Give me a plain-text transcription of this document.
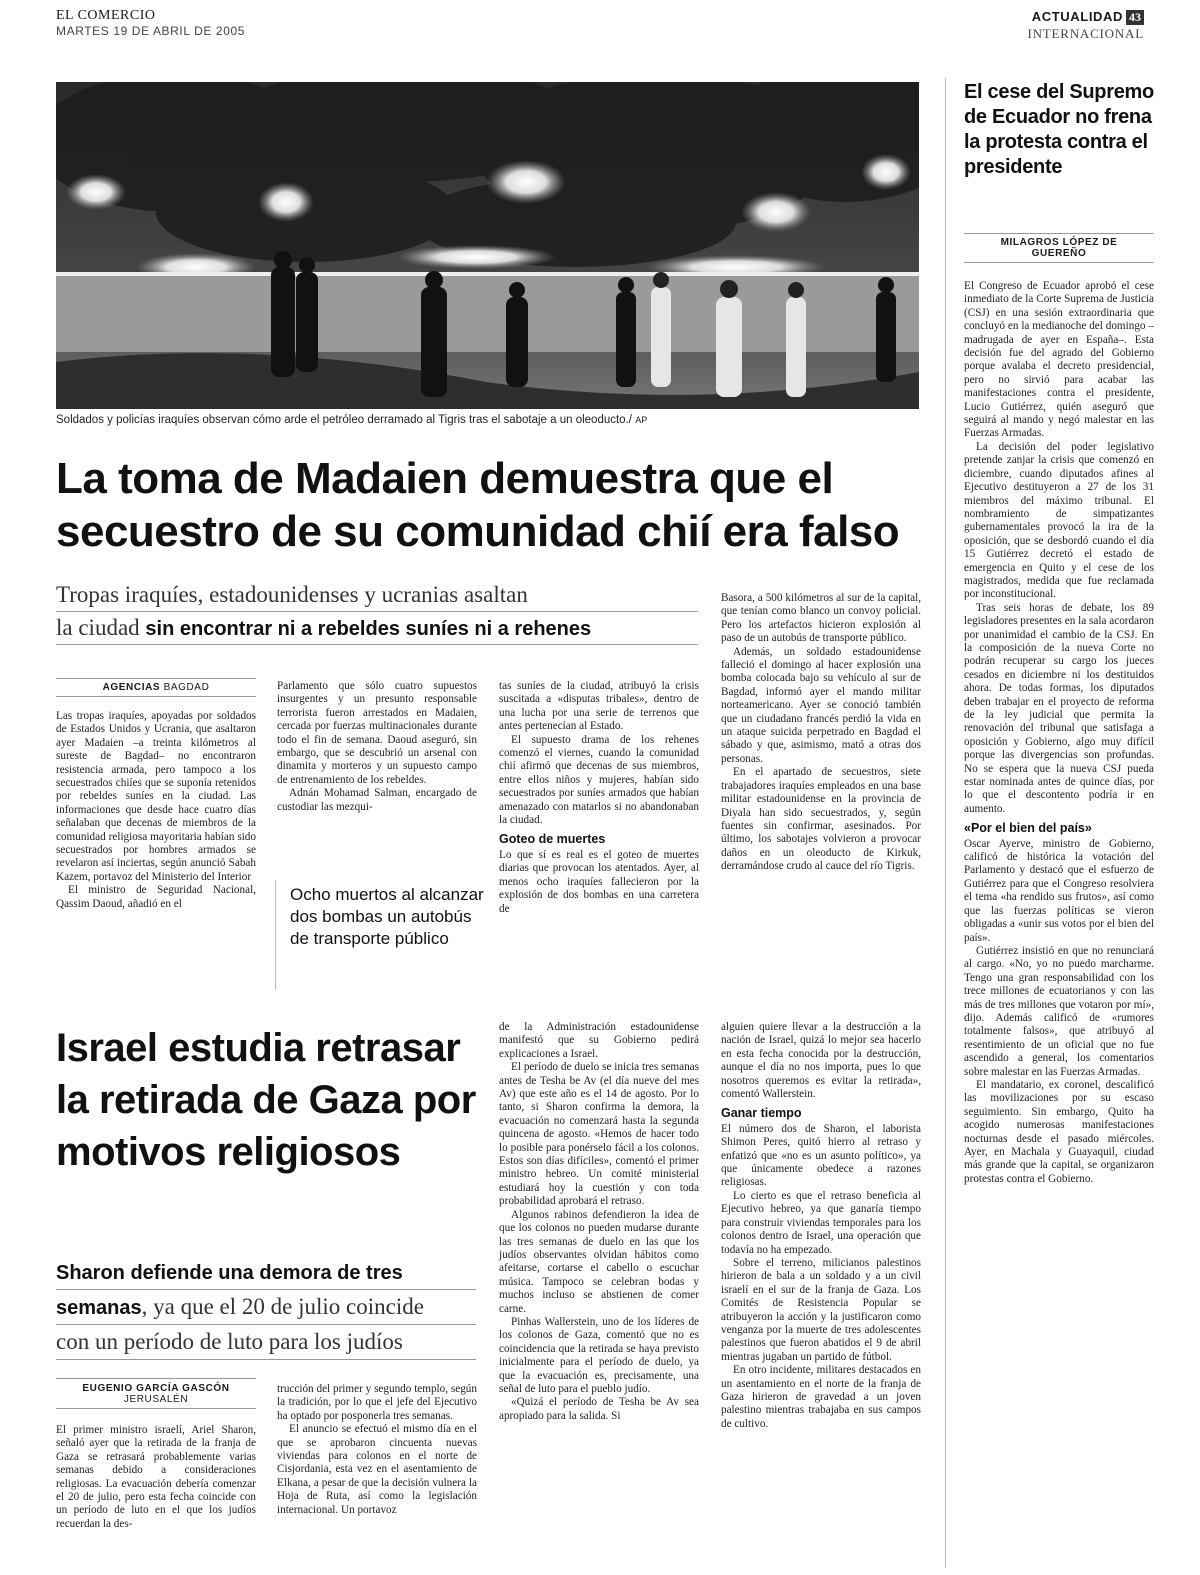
EL COMERCIO
MARTES 19 DE ABRIL DE 2005
ACTUALIDAD 43
INTERNACIONAL
Soldados y policías iraquíes observan cómo arde el petróleo derramado al Tigris tras el sabotaje a un oleoducto./ AP
La toma de Madaien demuestra que el secuestro de su comunidad chií era falso
Tropas iraquíes, estadounidenses y ucranias asaltan
la ciudad sin encontrar ni a rebeldes suníes ni a rehenes
AGENCIAS BAGDAD

Las tropas iraquíes, apoyadas por soldados de Estados Unidos y Ucrania, que asaltaron ayer Madaien –a treinta kilómetros al sureste de Bagdad– no encontraron resistencia armada, pero tampoco a los secuestrados chiíes que se suponía retenidos por rebeldes suníes en la ciudad. Las informaciones que desde hace cuatro días señalaban que decenas de miembros de la comunidad religiosa mayoritaria habían sido secuestrados por hombres armados se revelaron así inciertas, según anunció Sabah Kazem, portavoz del Ministerio del Interior

El ministro de Seguridad Nacional, Qassim Daoud, añadió en el

Parlamento que sólo cuatro supuestos insurgentes y un presunto responsable terrorista fueron arrestados en Madaien, cercada por fuerzas multinacionales durante todo el fin de semana. Daoud aseguró, sin embargo, que se descubrió un arsenal con dinamita y morteros y un supuesto campo de entrenamiento de los rebeldes.

Adnán Mohamad Salman, encargado de custodiar las mezqui-

Ocho muertos al alcanzar dos bombas un autobús de transporte público

tas suníes de la ciudad, atribuyó la crisis suscitada a «disputas tribales», dentro de una lucha por una serie de terrenos que antes pertenecían al Estado.

El supuesto drama de los rehenes comenzó el viernes, cuando la comunidad chií afirmó que decenas de sus miembros, entre ellos niños y mujeres, habían sido secuestrados por suníes armados que habían amenazado con matarlos si no abandonaban la ciudad.

Goteo de muertes

Lo que sí es real es el goteo de muertes diarias que provocan los atentados. Ayer, al menos ocho iraquíes fallecieron por la explosión de dos bombas en una carretera de

Basora, a 500 kilómetros al sur de la capital, que tenían como blanco un convoy policial. Pero los artefactos hicieron explosión al paso de un autobús de transporte público.

Además, un soldado estadounidense falleció el domingo al hacer explosión una bomba colocada bajo su vehículo al sur de Bagdad, informó ayer el mando militar norteamericano. Ayer se conoció también que un ciudadano francés perdió la vida en un ataque suicida perpetrado en Bagdad el sábado y que, asimismo, mató a otras dos personas.

En el apartado de secuestros, siete trabajadores iraquíes empleados en una base militar estadounidense en la provincia de Diyala han sido secuestrados, y, según fuentes sin confirmar, asesinados. Por último, los sabotajes volvieron a provocar daños en un oleoducto de Kirkuk, derramándose crudo al cauce del río Tigris.

Israel estudia retrasar la retirada de Gaza por motivos religiosos
Sharon defiende una demora de tres
semanas, ya que el 20 de julio coincide
con un período de luto para los judíos
EUGENIO GARCÍA GASCÓN
JERUSALÉN

El primer ministro israelí, Ariel Sharon, señaló ayer que la retirada de la franja de Gaza se retrasará probablemente varias semanas debido a consideraciones religiosas. La evacuación debería comenzar el 20 de julio, pero esta fecha coincide con un período de luto en el que los judíos recuerdan la des-

trucción del primer y segundo templo, según la tradición, por lo que el jefe del Ejecutivo ha optado por posponerla tres semanas.

El anuncio se efectuó el mismo día en el que se aprobaron cincuenta nuevas viviendas para colonos en el norte de Cisjordania, esta vez en el asentamiento de Elkana, a pesar de que la decisión vulnera la Hoja de Ruta, así como la legislación internacional. Un portavoz

de la Administración estadounidense manifestó que su Gobierno pedirá explicaciones a Israel.

El período de duelo se inicia tres semanas antes de Tesha be Av (el día nueve del mes Av) que este año es el 14 de agosto. Por lo tanto, si Sharon confirma la demora, la evacuación no comenzará hasta la segunda quincena de agosto. «Hemos de hacer todo lo posible para ponérselo fácil a los colonos. Estos son días difíciles», comentó el primer ministro hebreo. Un comité ministerial estudiará hoy la cuestión y con toda probabilidad aprobará el retraso.

Algunos rabinos defendieron la idea de que los colonos no pueden mudarse durante las tres semanas de duelo en las que los judíos observantes olvidan hábitos como afeitarse, cortarse el cabello o escuchar música. Tampoco se celebran bodas y muchos incluso se abstienen de comer carne.

Pinhas Wallerstein, uno de los líderes de los colonos de Gaza, comentó que no es coincidencia que la retirada se haya previsto inicialmente para el período de duelo, ya que la evacuación es, precisamente, una señal de luto para el pueblo judío.

«Quizá el período de Tesha be Av sea apropiado para la salida. Si

alguien quiere llevar a la destrucción a la nación de Israel, quizá lo mejor sea hacerlo en esta fecha conocida por la destrucción, aunque el día no nos importa, pues lo que nosotros queremos es evitar la retirada», comentó Wallerstein.

Ganar tiempo

El número dos de Sharon, el laborista Shimon Peres, quitó hierro al retraso y enfatizó que «no es un asunto político», ya que únicamente obedece a razones religiosas.

Lo cierto es que el retraso beneficia al Ejecutivo hebreo, ya que ganaría tiempo para construir viviendas temporales para los colonos dentro de Israel, una operación que todavía no ha empezado.

Sobre el terreno, milicianos palestinos hirieron de bala a un soldado y a un civil israelí en el sur de la franja de Gaza. Los Comités de Resistencia Popular se atribuyeron la acción y la justificaron como venganza por la muerte de tres adolescentes palestinos que fueron abatidos el 9 de abril mientras jugaban un partido de fútbol.

En otro incidente, militares destacados en un asentamiento en el norte de la franja de Gaza hirieron de gravedad a un joven palestino mientras trabajaba en sus campos de cultivo.

El cese del Supremo de Ecuador no frena la protesta contra el presidente
MILAGROS LÓPEZ DE GUEREÑO

El Congreso de Ecuador aprobó el cese inmediato de la Corte Suprema de Justicia (CSJ) en una sesión extraordinaria que concluyó en la medianoche del domingo –madrugada de ayer en España–. Esta decisión fue del agrado del Gobierno porque avalaba el decreto presidencial, pero no sirvió para acabar las manifestaciones contra el presidente, Lucio Gutiérrez, quién aseguró que seguirá al mando y negó malestar en las Fuerzas Armadas.

La decisión del poder legislativo pretende zanjar la crisis que comenzó en diciembre, cuando diputados afines al Ejecutivo destituyeron a 27 de los 31 miembros del máximo tribunal. El nombramiento de simpatizantes gubernamentales provocó la ira de la oposición, que se desbordó cuando el día 15 Gutiérrez decretó el estado de emergencia en Quito y el cese de los magistrados, medida que fue reclamada por inconstitucional.

Tras seis horas de debate, los 89 legisladores presentes en la sala acordaron por unanimidad el cambio de la CSJ. En la composición de la nueva Corte no podrán recuperar su cargo los jueces cesados en diciembre ni los destituidos ahora. De todas formas, los diputados deben trabajar en el proyecto de reforma de la ley judicial que permita la renovación del tribunal que satisfaga a oposición y Gobierno, algo muy difícil porque las divergencias son profundas. No se espera que la nueva CSJ pueda estar nominada antes de quince días, por lo que el descontento podría ir en aumento.

«Por el bien del país»

Oscar Ayerve, ministro de Gobierno, calificó de histórica la votación del Parlamento y destacó que el esfuerzo de Gutiérrez para que el Congreso resolviera el tema «ha rendido sus frutos», así como que las fuerzas políticas se vieron obligadas a «unir sus votos por el bien del país».

Gutiérrez insistió en que no renunciará al cargo. «No, yo no puedo marcharme. Tengo una gran responsabilidad con los trece millones de ecuatorianos y con las más de tres millones que votaron por mí», dijo. Además calificó de «rumores totalmente falsos», que atribuyó al resentimiento de un oficial que no fue ascendido a general, los comentarios sobre malestar en las Fuerzas Armadas.

El mandatario, ex coronel, descalificó las movilizaciones por su escaso seguimiento. Sin embargo, Quito ha acogido numerosas manifestaciones nocturnas desde el pasado miércoles. Ayer, en Machala y Guayaquil, ciudad más grande que la capital, se organizaron protestas contra el Gobierno.
